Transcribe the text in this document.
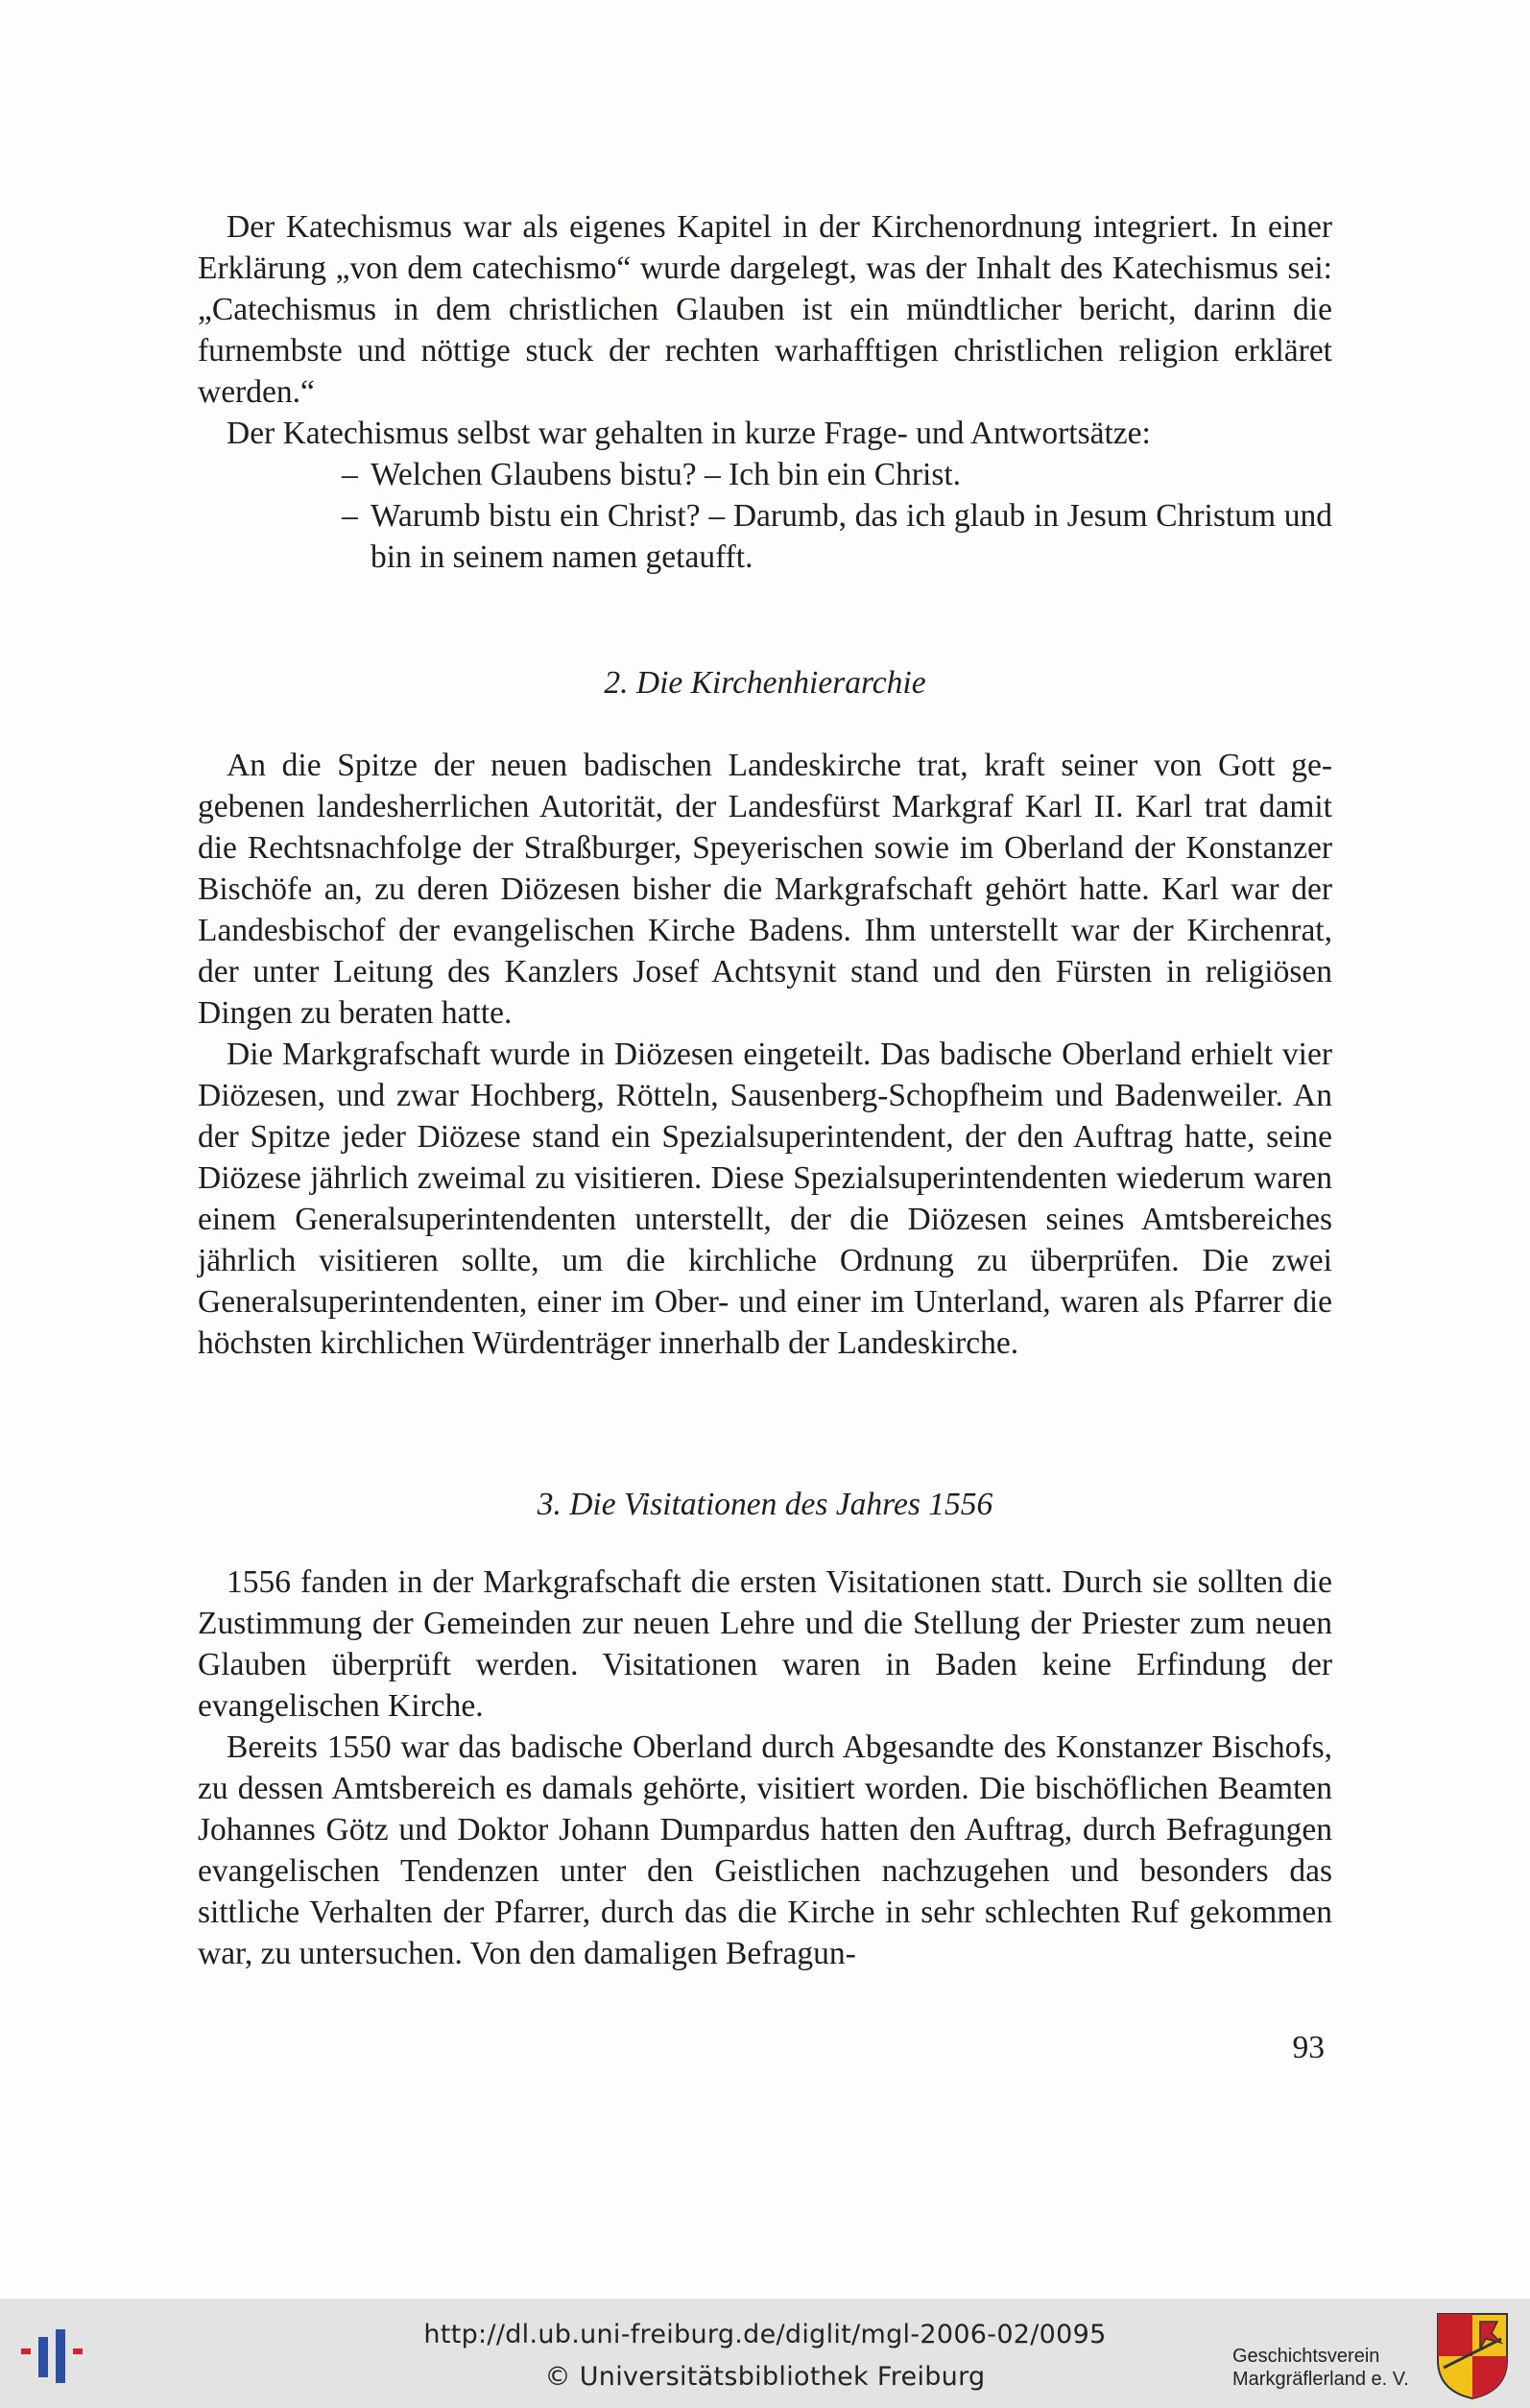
Der Katechismus war als eigenes Kapitel in der Kirchenordnung integriert. In einer Erklärung „von dem catechismo“ wurde dargelegt, was der Inhalt des Katechismus sei: „Catechismus in dem christlichen Glauben ist ein mündtlicher bericht, darinn die furnembste und nöttige stuck der rechten warhafftigen christlichen religion erkläret werden.“

Der Katechismus selbst war gehalten in kurze Frage- und Antwortsätze:

– Welchen Glaubens bistu? – Ich bin ein Christ.
– Warumb bistu ein Christ? – Darumb, das ich glaub in Jesum Christum und bin in seinem namen getaufft.
2. Die Kirchenhierarchie

An die Spitze der neuen badischen Landeskirche trat, kraft seiner von Gott gegebenen landesherrlichen Autorität, der Landesfürst Markgraf Karl II. Karl trat damit die Rechtsnachfolge der Straßburger, Speyerischen sowie im Oberland der Konstanzer Bischöfe an, zu deren Diözesen bisher die Markgrafschaft gehört hatte. Karl war der Landesbischof der evangelischen Kirche Badens. Ihm unterstellt war der Kirchenrat, der unter Leitung des Kanzlers Josef Achtsynit stand und den Fürsten in religiösen Dingen zu beraten hatte.

Die Markgrafschaft wurde in Diözesen eingeteilt. Das badische Oberland erhielt vier Diözesen, und zwar Hochberg, Rötteln, Sausenberg-Schopfheim und Badenweiler. An der Spitze jeder Diözese stand ein Spezialsuperintendent, der den Auftrag hatte, seine Diözese jährlich zweimal zu visitieren. Diese Spezialsuperintendenten wiederum waren einem Generalsuperintendenten unterstellt, der die Diözesen seines Amtsbereiches jährlich visitieren sollte, um die kirchliche Ordnung zu überprüfen. Die zwei Generalsuperintendenten, einer im Ober- und einer im Unterland, waren als Pfarrer die höchsten kirchlichen Würdenträger innerhalb der Landeskirche.

3. Die Visitationen des Jahres 1556

1556 fanden in der Markgrafschaft die ersten Visitationen statt. Durch sie sollten die Zustimmung der Gemeinden zur neuen Lehre und die Stellung der Priester zum neuen Glauben überprüft werden. Visitationen waren in Baden keine Erfindung der evangelischen Kirche.

Bereits 1550 war das badische Oberland durch Abgesandte des Konstanzer Bischofs, zu dessen Amtsbereich es damals gehörte, visitiert worden. Die bischöflichen Beamten Johannes Götz und Doktor Johann Dumpardus hatten den Auftrag, durch Befragungen evangelischen Tendenzen unter den Geistlichen nachzugehen und besonders das sittliche Verhalten der Pfarrer, durch das die Kirche in sehr schlechten Ruf gekommen war, zu untersuchen. Von den damaligen Befragun-

93
http://dl.ub.uni-freiburg.de/diglit/mgl-2006-02/0095
© Universitätsbibliothek Freiburg
Geschichtsverein
Markgräflerland e. V.
